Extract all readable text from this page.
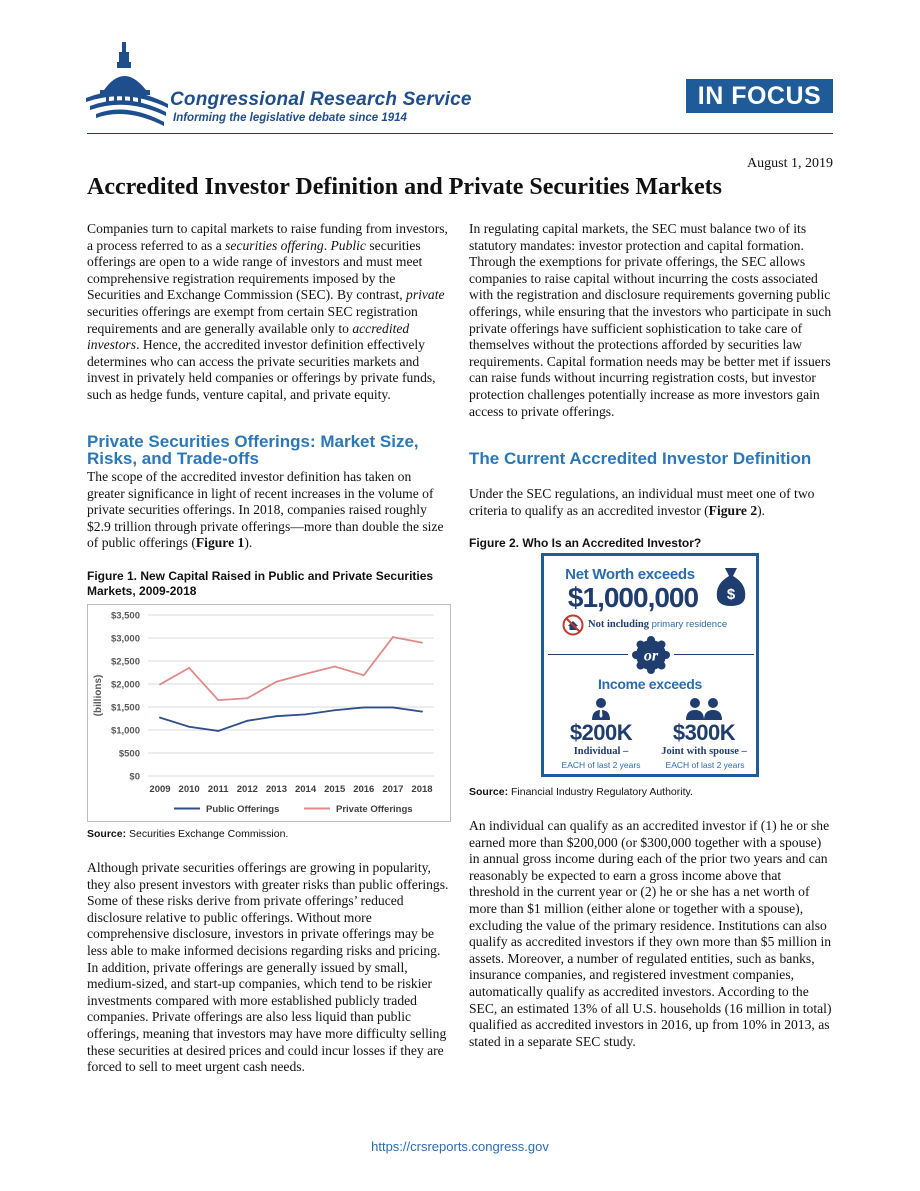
Congressional Research Service
Informing the legislative debate since 1914
IN FOCUS
August 1, 2019
Accredited Investor Definition and Private Securities Markets

Companies turn to capital markets to raise funding from investors, a process referred to as a securities offering. Public securities offerings are open to a wide range of investors and must meet comprehensive registration requirements imposed by the Securities and Exchange Commission (SEC). By contrast, private securities offerings are exempt from certain SEC registration requirements and are generally available only to accredited investors. Hence, the accredited investor definition effectively determines who can access the private securities markets and invest in privately held companies or offerings by private funds, such as hedge funds, venture capital, and private equity.

Private Securities Offerings: Market Size, Risks, and Trade-offs

The scope of the accredited investor definition has taken on greater significance in light of recent increases in the volume of private securities offerings. In 2018, companies raised roughly $2.9 trillion through private offerings—more than double the size of public offerings (Figure 1).

Figure 1. New Capital Raised in Public and Private Securities Markets, 2009-2018
$0
$500
$1,000
$1,500
$2,000
$2,500
$3,000
$3,500
(billions)
2009 2010 2011 2012 2013 2014 2015 2016 2017 2018
Public Offerings	Private Offerings
Source: Securities Exchange Commission.

Although private securities offerings are growing in popularity, they also present investors with greater risks than public offerings. Some of these risks derive from private offerings’ reduced disclosure relative to public offerings. Without more comprehensive disclosure, investors in private offerings may be less able to make informed decisions regarding risks and pricing. In addition, private offerings are generally issued by small, medium-sized, and start-up companies, which tend to be riskier investments compared with more established publicly traded companies. Private offerings are also less liquid than public offerings, meaning that investors may have more difficulty selling these securities at desired prices and could incur losses if they are forced to sell to meet urgent cash needs.

In regulating capital markets, the SEC must balance two of its statutory mandates: investor protection and capital formation. Through the exemptions for private offerings, the SEC allows companies to raise capital without incurring the costs associated with the registration and disclosure requirements governing public offerings, while ensuring that the investors who participate in such private offerings have sufficient sophistication to take care of themselves without the protections afforded by securities law requirements. Capital formation needs may be better met if issuers can raise funds without incurring registration costs, but investor protection challenges potentially increase as more investors gain access to private offerings.

The Current Accredited Investor Definition

Under the SEC regulations, an individual must meet one of two criteria to qualify as an accredited investor (Figure 2).

Figure 2. Who Is an Accredited Investor?
Net Worth exceeds
$
$1,000,000
Not including primary residence
or
Income exceeds
$200K	$300K
Individual –	Joint with spouse –
EACH of last 2 years	EACH of last 2 years
Source: Financial Industry Regulatory Authority.

An individual can qualify as an accredited investor if (1) he or she earned more than $200,000 (or $300,000 together with a spouse) in annual gross income during each of the prior two years and can reasonably be expected to earn a gross income above that threshold in the current year or (2) he or she has a net worth of more than $1 million (either alone or together with a spouse), excluding the value of the primary residence. Institutions can also qualify as accredited investors if they own more than $5 million in assets. Moreover, a number of regulated entities, such as banks, insurance companies, and registered investment companies, automatically qualify as accredited investors. According to the SEC, an estimated 13% of all U.S. households (16 million in total) qualified as accredited investors in 2016, up from 10% in 2013, as stated in a separate SEC study.

https://crsreports.congress.gov
